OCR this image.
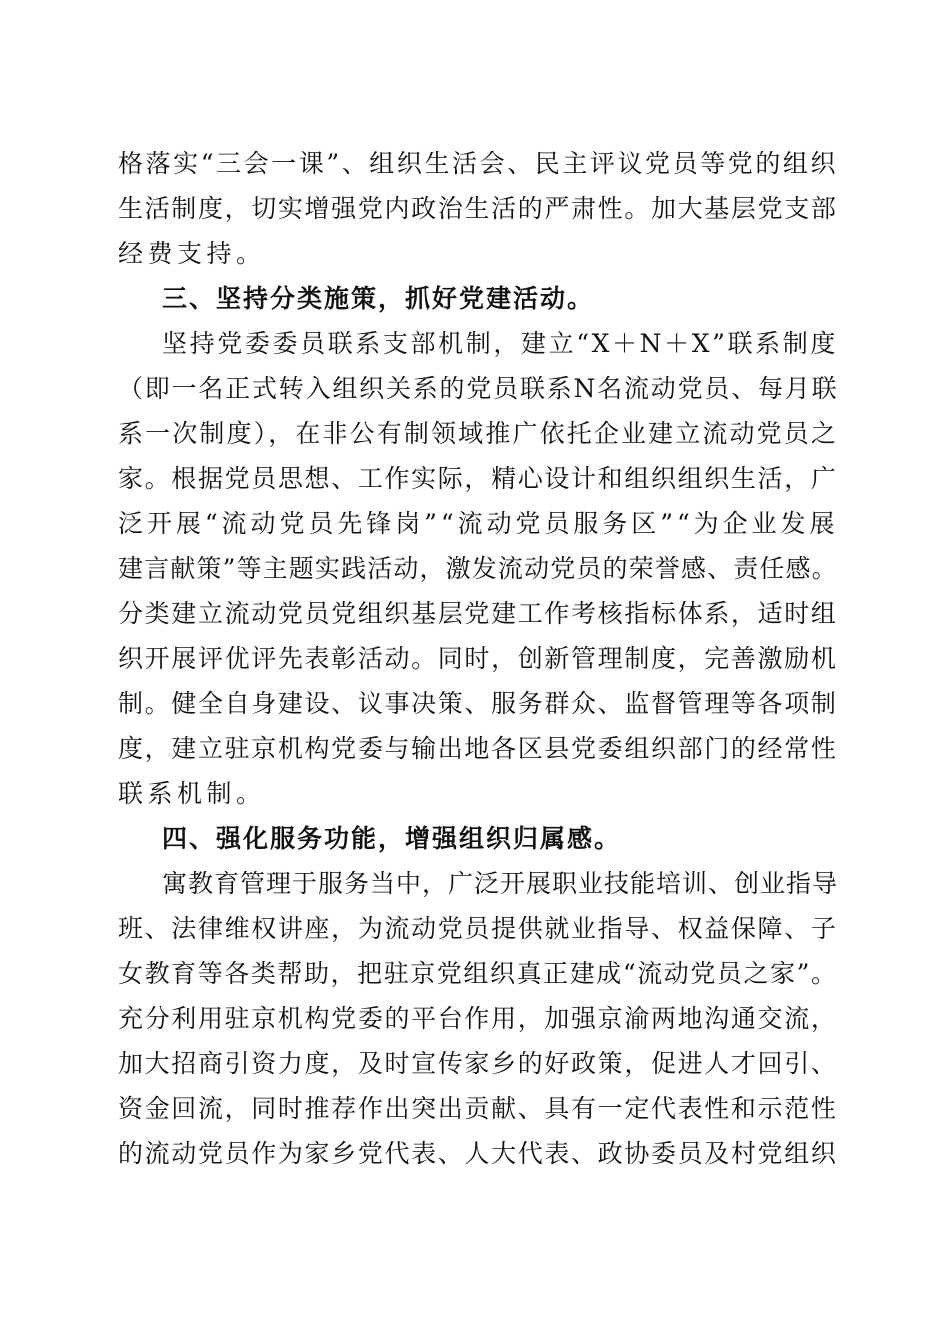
格落实“三会一课”、组织生活会、民主评议党员等党的组织
生活制度，切实增强党内政治生活的严肃性。加大基层党支部
经费支持。
三、坚持分类施策，抓好党建活动。
坚持党委委员联系支部机制，建立“X＋N＋X”联系制度
（即一名正式转入组织关系的党员联系N名流动党员、每月联
系一次制度），在非公有制领域推广依托企业建立流动党员之
家。根据党员思想、工作实际，精心设计和组织组织生活，广
泛开展“流动党员先锋岗”“流动党员服务区”“为企业发展
建言献策”等主题实践活动，激发流动党员的荣誉感、责任感。
分类建立流动党员党组织基层党建工作考核指标体系，适时组
织开展评优评先表彰活动。同时，创新管理制度，完善激励机
制。健全自身建设、议事决策、服务群众、监督管理等各项制
度，建立驻京机构党委与输出地各区县党委组织部门的经常性
联系机制。
四、强化服务功能，增强组织归属感。
寓教育管理于服务当中，广泛开展职业技能培训、创业指导
班、法律维权讲座，为流动党员提供就业指导、权益保障、子
女教育等各类帮助，把驻京党组织真正建成“流动党员之家”。
充分利用驻京机构党委的平台作用，加强京渝两地沟通交流，
加大招商引资力度，及时宣传家乡的好政策，促进人才回引、
资金回流，同时推荐作出突出贡献、具有一定代表性和示范性
的流动党员作为家乡党代表、人大代表、政协委员及村党组织
